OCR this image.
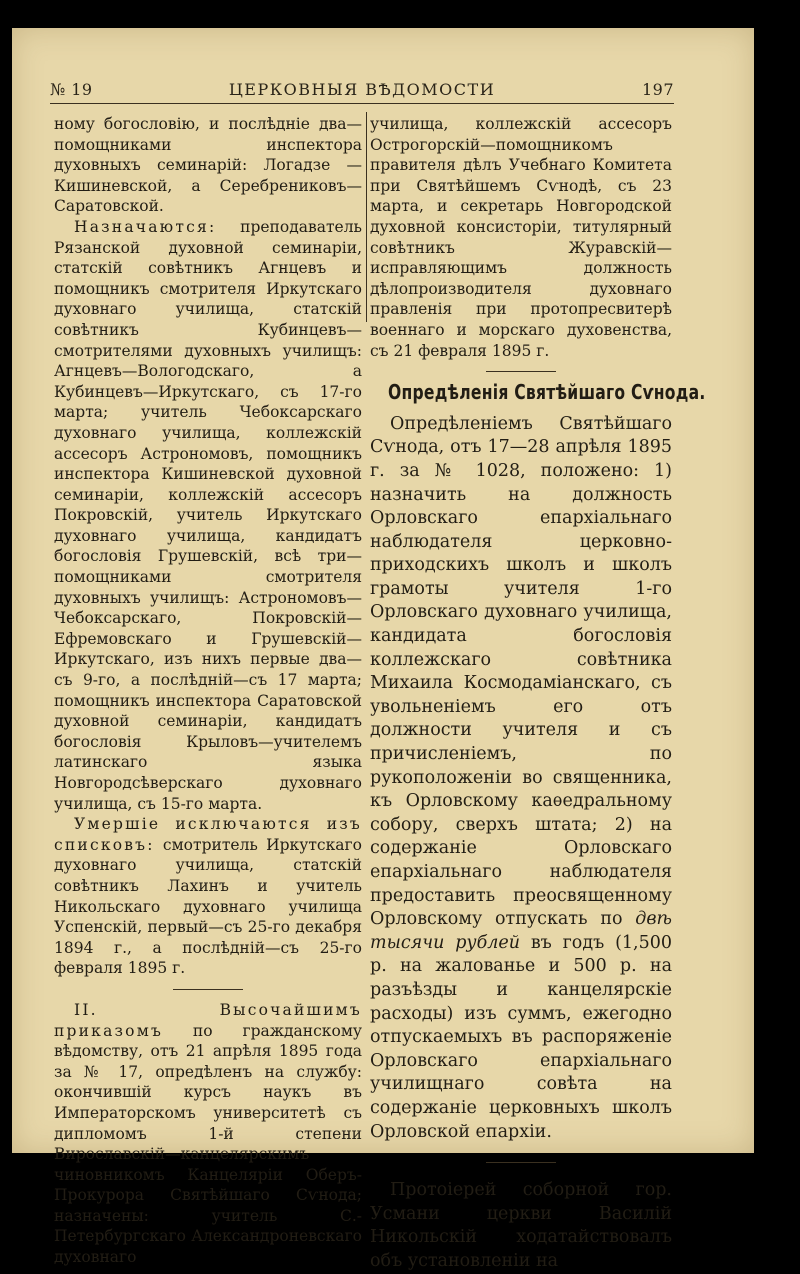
№ 19	ЦЕРКОВНЫЯ ВѢДОМОСТИ	197

ному богословію, и послѣдніе два—помощниками инспектора духовныхъ семинарій: Логадзе — Кишиневской, а Серебрениковъ—Саратовской.

Назначаются: преподаватель Рязанской духовной семинаріи, статскій совѣтникъ Агнцевъ и помощникъ смотрителя Иркутскаго духовнаго училища, статскій совѣтникъ Кубинцевъ—смотрителями духовныхъ училищъ: Агнцевъ—Вологодскаго, а Кубинцевъ—Иркутскаго, съ 17-го марта; учитель Чебоксарскаго духовнаго училища, коллежскій ассесоръ Астрономовъ, помощникъ инспектора Кишиневской духовной семинаріи, коллежскій ассесоръ Покровскій, учитель Иркутскаго духовнаго училища, кандидатъ богословія Грушевскій, всѣ три—помощниками смотрителя духовныхъ училищъ: Астрономовъ—Чебоксарскаго, Покровскій—Ефремовскаго и Грушевскій—Иркутскаго, изъ нихъ первые два—съ 9-го, а послѣдній—съ 17 марта; помощникъ инспектора Саратовской духовной семинаріи, кандидатъ богословія Крыловъ—учителемъ латинскаго языка Новгородсѣверскаго духовнаго училища, съ 15-го марта.

Умершіе исключаются изъ списковъ: смотритель Иркутскаго духовнаго училища, статскій совѣтникъ Лахинъ и учитель Никольскаго духовнаго училища Успенскій, первый—съ 25-го декабря 1894 г., а послѣдній—съ 25-го февраля 1895 г.

II. Высочайшимъ приказомъ по гражданскому вѣдомству, отъ 21 апрѣля 1895 года за № 17, опредѣленъ на службу: окончившій курсъ наукъ въ Императорскомъ университетѣ съ дипломомъ 1-й степени Вирославскій—канцелярскимъ чиновникомъ Канцеляріи Оберъ-Прокурора Святѣйшаго Сѵнода; назначены: учитель С.-Петербургскаго Александроневскаго духовнаго

училища, коллежскій ассесоръ Острогорскій—помощникомъ правителя дѣлъ Учебнаго Комитета при Святѣйшемъ Сѵнодѣ, съ 23 марта, и секретарь Новгородской духовной консисторіи, титулярный совѣтникъ Журавскій—исправляющимъ должность дѣлопроизводителя духовнаго правленія при протопресвитерѣ военнаго и морскаго духовенства, съ 21 февраля 1895 г.

Опредѣленія Святѣйшаго Сѵнода.

Опредѣленіемъ Святѣйшаго Сѵнода, отъ 17—28 апрѣля 1895 г. за № 1028, положено: 1) назначить на должность Орловскаго епархіальнаго наблюдателя церковно-приходскихъ школъ и школъ грамоты учителя 1-го Орловскаго духовнаго училища, кандидата богословія коллежскаго совѣтника Михаила Космодаміанскаго, съ увольненіемъ его отъ должности учителя и съ причисленіемъ, по рукоположеніи во священника, къ Орловскому каѳедральному собору, сверхъ штата; 2) на содержаніе Орловскаго епархіальнаго наблюдателя предоставить преосвященному Орловскому отпускать по двѣ тысячи рублей въ годъ (1,500 р. на жалованье и 500 р. на разъѣзды и канцелярскіе расходы) изъ суммъ, ежегодно отпускаемыхъ въ распоряженіе Орловскаго епархіальнаго училищнаго совѣта на содержаніе церковныхъ школъ Орловской епархіи.

Протоіерей соборной гор. Усмани церкви Василій Никольскій ходатайствовалъ объ установленіи на
